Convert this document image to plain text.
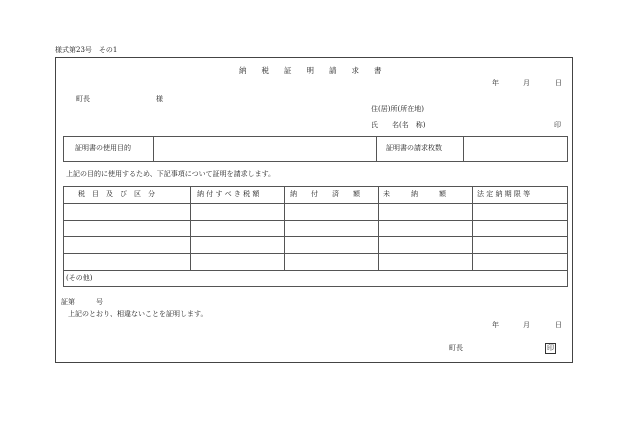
様式第23号　その1
納　　税　　証　　明　　請　　求　　書
年	月	日
町長	様
住(居)所(所在地)
氏　　名(名　称)	印
証明書の使用目的	証明書の請求枚数
上記の目的に使用するため、下記事項について証明を請求します。
税　目　及　び　区　分	納 付 す べ き 税 額	納　　付　　済　　額	未　　　納　　　額	法 定 納 期 限 等
(その他)
証第　　　号
上記のとおり、相違ないことを証明します。
年	月	日
町長	印
